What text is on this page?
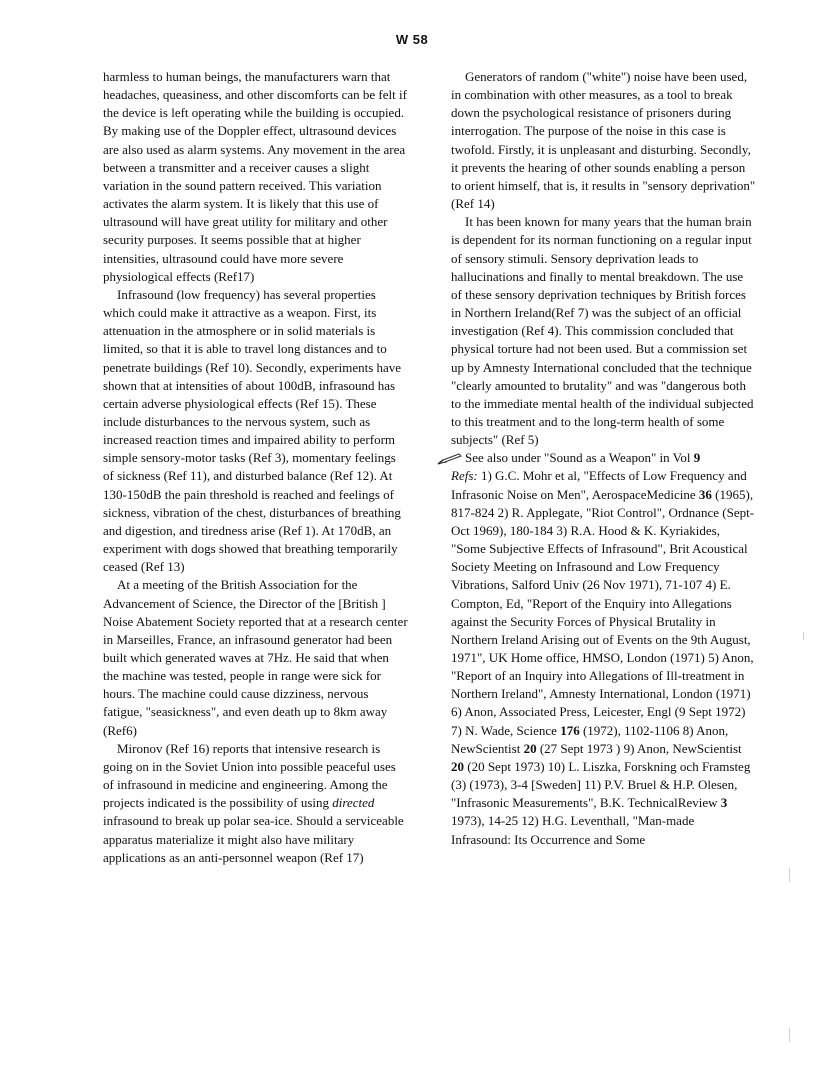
W 58

harmless to human beings, the manufacturers warn that headaches, queasiness, and other discomforts can be felt if the device is left operating while the building is occupied. By making use of the Doppler effect, ultrasound devices are also used as alarm systems. Any movement in the area between a transmitter and a receiver causes a slight variation in the sound pattern received. This variation activates the alarm system. It is likely that this use of ultrasound will have great utility for military and other security purposes. It seems possible that at higher intensities, ultrasound could have more severe physiological effects (Ref17)

Infrasound (low frequency) has several properties which could make it attractive as a weapon. First, its attenuation in the atmosphere or in solid materials is limited, so that it is able to travel long distances and to penetrate buildings (Ref 10). Secondly, experiments have shown that at intensities of about 100dB, infrasound has certain adverse physiological effects (Ref 15). These include disturbances to the nervous system, such as increased reaction times and impaired ability to perform simple sensory-motor tasks (Ref 3), momentary feelings of sickness (Ref 11), and disturbed balance (Ref 12). At 130-150dB the pain threshold is reached and feelings of sickness, vibration of the chest, disturbances of breathing and digestion, and tiredness arise (Ref 1). At 170dB, an experiment with dogs showed that breathing temporarily ceased (Ref 13)

At a meeting of the British Association for the Advancement of Science, the Director of the [British ] Noise Abatement Society reported that at a research center in Marseilles, France, an infrasound generator had been built which generated waves at 7Hz. He said that when the machine was tested, people in range were sick for hours. The machine could cause dizziness, nervous fatigue, "seasickness", and even death up to 8km away (Ref6)

Mironov (Ref 16) reports that intensive research is going on in the Soviet Union into possible peaceful uses of infrasound in medicine and engineering. Among the projects indicated is the possibility of using directed infrasound to break up polar sea-ice. Should a serviceable apparatus materialize it might also have military applications as an anti-personnel weapon (Ref 17)

Generators of random ("white") noise have been used, in combination with other measures, as a tool to break down the psychological resistance of prisoners during interrogation. The purpose of the noise in this case is twofold. Firstly, it is unpleasant and disturbing. Secondly, it prevents the hearing of other sounds enabling a person to orient himself, that is, it results in "sensory deprivation" (Ref 14)

It has been known for many years that the human brain is dependent for its norman functioning on a regular input of sensory stimuli. Sensory deprivation leads to hallucinations and finally to mental breakdown. The use of these sensory deprivation techniques by British forces in Northern Ireland(Ref 7) was the subject of an official investigation (Ref 4). This commission concluded that physical torture had not been used. But a commission set up by Amnesty International concluded that the technique "clearly amounted to brutality" and was "dangerous both to the immediate mental health of the individual subjected to this treatment and to the long-term health of some subjects" (Ref 5)

See also under "Sound as a Weapon" in Vol 9

Refs: 1) G.C. Mohr et al, "Effects of Low Frequency and Infrasonic Noise on Men", AerospaceMedicine 36 (1965), 817-824 2) R. Applegate, "Riot Control", Ordnance (Sept-Oct 1969), 180-184 3) R.A. Hood & K. Kyriakides, "Some Subjective Effects of Infrasound", Brit Acoustical Society Meeting on Infrasound and Low Frequency Vibrations, Salford Univ (26 Nov 1971), 71-107 4) E. Compton, Ed, "Report of the Enquiry into Allegations against the Security Forces of Physical Brutality in Northern Ireland Arising out of Events on the 9th August, 1971", UK Home office, HMSO, London (1971) 5) Anon, "Report of an Inquiry into Allegations of Ill-treatment in Northern Ireland", Amnesty International, London (1971) 6) Anon, Associated Press, Leicester, Engl (9 Sept 1972) 7) N. Wade, Science 176 (1972), 1102-1106 8) Anon, NewScientist 20 (27 Sept 1973 ) 9) Anon, NewScientist 20 (20 Sept 1973) 10) L. Liszka, Forskning och Framsteg (3) (1973), 3-4 [Sweden] 11) P.V. Bruel & H.P. Olesen, "Infrasonic Measurements", B.K. TechnicalReview 3 1973), 14-25 12) H.G. Leventhall, "Man-made Infrasound: Its Occurrence and Some
